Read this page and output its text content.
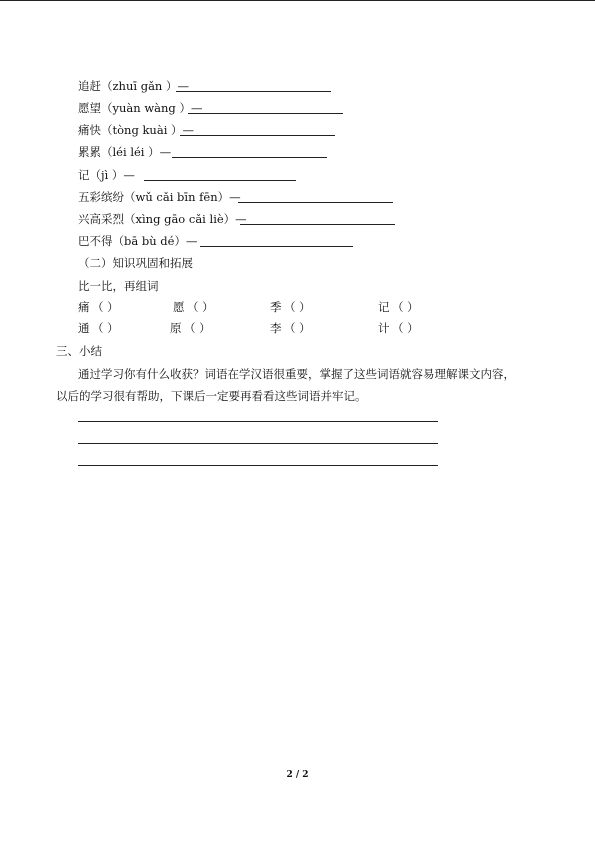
追赶（zhuī gǎn ）—
愿望（yuàn wàng ）—
痛快（tòng kuài ）—
累累（léi léi ）—
记（jì ）—
五彩缤纷（wǔ cǎi bīn fēn）—
兴高采烈（xìng gāo cǎi liè）—
巴不得（bā bù dé）—
（二）知识巩固和拓展
比一比，再组词
痛 （ ）	愿 （ ）	季 （ ）	记 （ ）
通 （ ）	原 （ ）	李 （ ）	计 （ ）
三、小结
通过学习你有什么收获？词语在学汉语很重要，掌握了这些词语就容易理解课文内容，
以后的学习很有帮助，下课后一定要再看看这些词语并牢记。
2 / 2
